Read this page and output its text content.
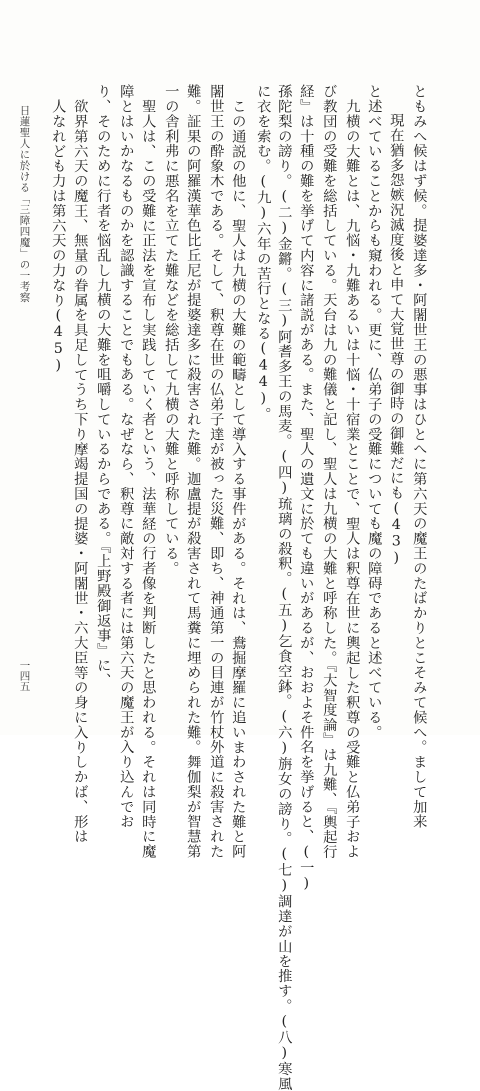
ともみへ候はず候。提婆達多・阿闍世王の悪事はひとへに第六天の魔王のたばかりとこそみて候へ。まして加来
現在猶多怨嫉況滅度後と申て大覚世尊の御時の御難だにも(43)
と述べていることからも窺われる。更に、仏弟子の受難についても魔の障碍であると述べている。
九横の大難とは、九悩・九難あるいは十悩・十宿業とことで、聖人は釈尊在世に輿起した釈尊の受難と仏弟子およ
び教団の受難を総括している。天台は九の難儀と記し、聖人は九横の大難と呼称した。『大智度論』は九難、『輿起行
経』は十種の難を挙げて内容に諸説がある。また、聖人の遺文に於ても違いがあるが、おおよそ件名を挙げると、(一)
孫陀梨の謗り。(二)金鏘。(三)阿耆多王の馬麦。(四)琉璃の殺釈。(五)乞食空鉢。(六)旃女の謗り。(七)調達が山を推す。(八)寒風
に衣を索む。(九)六年の苦行となる(44)。
この通説の他に、聖人は九横の大難の範疇として導入する事件がある。それは、鴦掘摩羅に追いまわされた難と阿
闍世王の酔象木である。そして、釈尊在世の仏弟子達が被った災難、即ち、神通第一の目連が竹杖外道に殺害された
難。証果の阿羅漢華色比丘尼が提婆達多に殺害された難。迦盧提が殺害されて馬糞に埋められた難。舞伽梨が智慧第
一の舎利弗に悪名を立てた難などを総括して九横の大難と呼称している。
聖人は、この受難に正法を宣布し実践していく者という、法華経の行者像を判断したと思われる。それは同時に魔
障とはいかなるものかを認識することでもある。なぜなら、釈尊に敵対する者には第六天の魔王が入り込んでお
り、そのために行者を悩乱し九横の大難を咀嚼しているからである。『上野殿御返事』に、
欲界第六天の魔王、無量の眷属を具足してうち下り摩竭提国の提婆・阿闍世・六大臣等の身に入りしかば、形は
人なれども力は第六天の力なり(45)
日蓮聖人に於ける「三障四魔」の一考察
一四五
